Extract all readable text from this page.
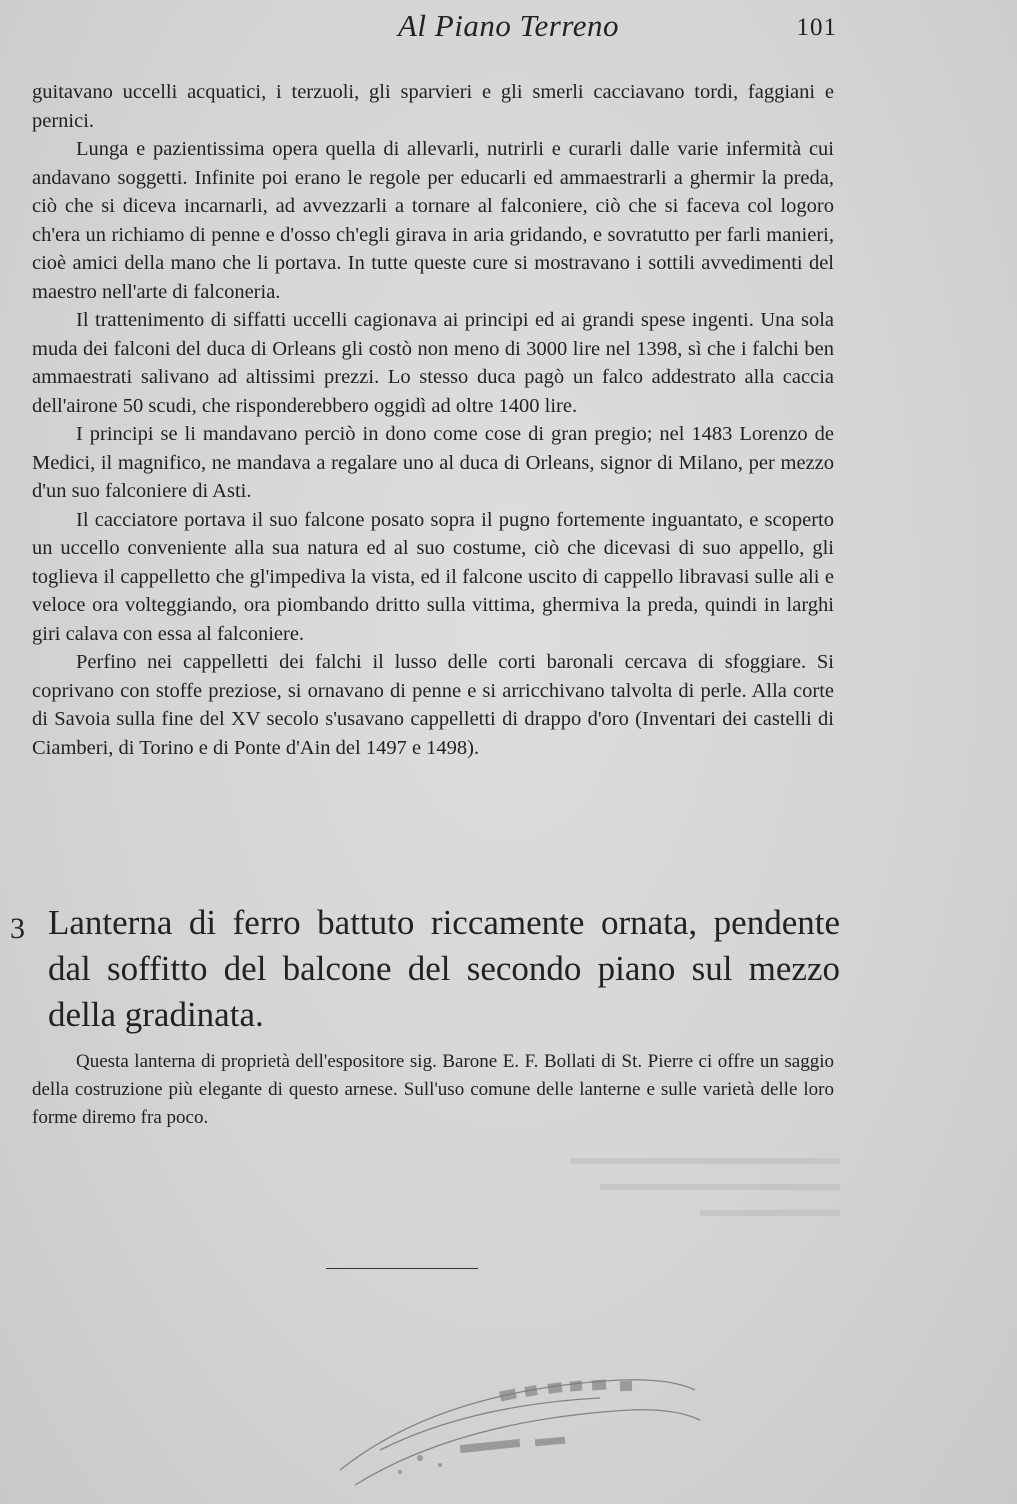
Al Piano Terreno	101

guitavano uccelli acquatici, i terzuoli, gli sparvieri e gli smerli cacciavano tordi, faggiani e pernici.

Lunga e pazientissima opera quella di allevarli, nutrirli e curarli dalle varie infermità cui andavano soggetti. Infinite poi erano le regole per educarli ed ammaestrarli a ghermir la preda, ciò che si diceva incarnarli, ad avvezzarli a tornare al falconiere, ciò che si faceva col logoro ch'era un richiamo di penne e d'osso ch'egli girava in aria gridando, e sovratutto per farli manieri, cioè amici della mano che li portava. In tutte queste cure si mostravano i sottili avvedimenti del maestro nell'arte di falconeria.

Il trattenimento di siffatti uccelli cagionava ai principi ed ai grandi spese ingenti. Una sola muda dei falconi del duca di Orleans gli costò non meno di 3000 lire nel 1398, sì che i falchi ben ammaestrati salivano ad altissimi prezzi. Lo stesso duca pagò un falco addestrato alla caccia dell'airone 50 scudi, che risponderebbero oggidì ad oltre 1400 lire.

I principi se li mandavano perciò in dono come cose di gran pregio; nel 1483 Lorenzo de Medici, il magnifico, ne mandava a regalare uno al duca di Orleans, signor di Milano, per mezzo d'un suo falconiere di Asti.

Il cacciatore portava il suo falcone posato sopra il pugno fortemente inguantato, e scoperto un uccello conveniente alla sua natura ed al suo costume, ciò che dicevasi di suo appello, gli toglieva il cappelletto che gl'impediva la vista, ed il falcone uscito di cappello libravasi sulle ali e veloce ora volteggiando, ora piombando dritto sulla vittima, ghermiva la preda, quindi in larghi giri calava con essa al falconiere.

Perfino nei cappelletti dei falchi il lusso delle corti baronali cercava di sfoggiare. Si coprivano con stoffe preziose, si ornavano di penne e si arricchivano talvolta di perle. Alla corte di Savoia sulla fine del XV secolo s'usavano cappelletti di drappo d'oro (Inventari dei castelli di Ciamberi, di Torino e di Ponte d'Ain del 1497 e 1498).

3 Lanterna di ferro battuto riccamente ornata, pendente dal soffitto del balcone del secondo piano sul mezzo della gradinata.

Questa lanterna di proprietà dell'espositore sig. Barone E. F. Bollati di St. Pierre ci offre un saggio della costruzione più elegante di questo arnese. Sull'uso comune delle lanterne e sulle varietà delle loro forme diremo fra poco.
